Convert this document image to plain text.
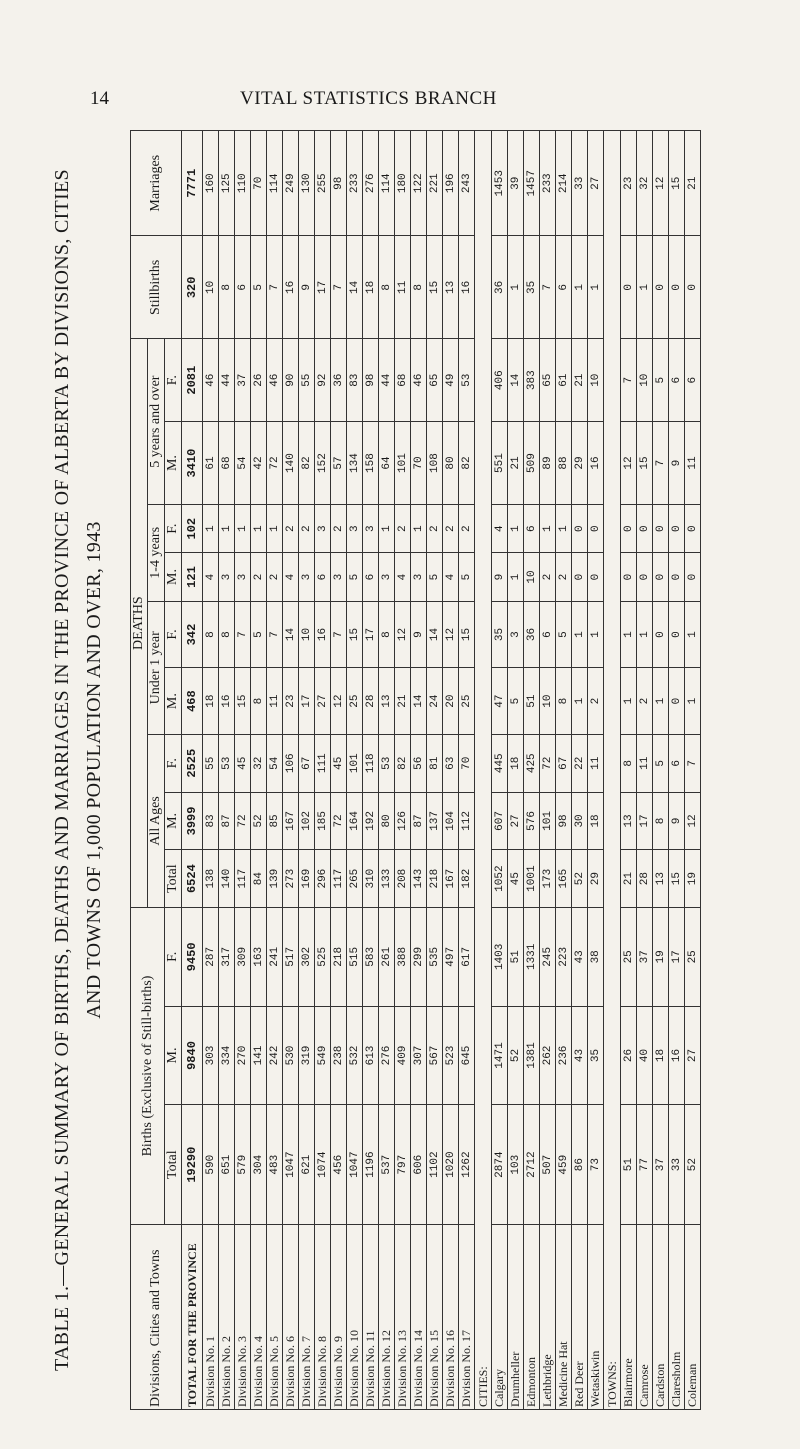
14	VITAL STATISTICS BRANCH
TABLE 1.—GENERAL SUMMARY OF BIRTHS, DEATHS AND MARRIAGES IN THE PROVINCE OF ALBERTA BY DIVISIONS, CITIES AND TOWNS OF 1,000 POPULATION AND OVER, 1943
Divisions, Cities and Towns	Births (Exclusive of Still-births)			DEATHS									Stillbirths	Marriages
				All Ages			Under 1 year		1-4 years		5 years and over			
	Total	M.	F.	Total	M.	F.	M.	F.	M.	F.	M.	F.		
TOTAL FOR THE PROVINCE	19290	9840	9450	6524	3999	2525	468	342	121	102	3410	2081	320	7771
Division No. 1	590	303	287	138	83	55	18	8	4	1	61	46	10	160
Division No. 2	651	334	317	140	87	53	16	8	3	1	68	44	8	125
Division No. 3	579	270	309	117	72	45	15	7	3	1	54	37	6	110
Division No. 4	304	141	163	84	52	32	8	5	2	1	42	26	5	70
Division No. 5	483	242	241	139	85	54	11	7	2	1	72	46	7	114
Division No. 6	1047	530	517	273	167	106	23	14	4	2	140	90	16	249
Division No. 7	621	319	302	169	102	67	17	10	3	2	82	55	9	130
Division No. 8	1074	549	525	296	185	111	27	16	6	3	152	92	17	255
Division No. 9	456	238	218	117	72	45	12	7	3	2	57	36	7	98
Division No. 10	1047	532	515	265	164	101	25	15	5	3	134	83	14	233
Division No. 11	1196	613	583	310	192	118	28	17	6	3	158	98	18	276
Division No. 12	537	276	261	133	80	53	13	8	3	1	64	44	8	114
Division No. 13	797	409	388	208	126	82	21	12	4	2	101	68	11	180
Division No. 14	606	307	299	143	87	56	14	9	3	1	70	46	8	122
Division No. 15	1102	567	535	218	137	81	24	14	5	2	108	65	15	221
Division No. 16	1020	523	497	167	104	63	20	12	4	2	80	49	13	196
Division No. 17	1262	645	617	182	112	70	25	15	5	2	82	53	16	243
CITIES:														
Calgary	2874	1471	1403	1052	607	445	47	35	9	4	551	406	36	1453
Drumheller	103	52	51	45	27	18	5	3	1	1	21	14	1	39
Edmonton	2712	1381	1331	1001	576	425	51	36	10	6	509	383	35	1457
Lethbridge	507	262	245	173	101	72	10	6	2	1	89	65	7	233
Medicine Hat	459	236	223	165	98	67	8	5	2	1	88	61	6	214
Red Deer	86	43	43	52	30	22	1	1	0	0	29	21	1	33
Wetaskiwin	73	35	38	29	18	11	2	1	0	0	16	10	1	27
TOWNS:														
Blairmore	51	26	25	21	13	8	1	1	0	0	12	7	0	23
Camrose	77	40	37	28	17	11	2	1	0	0	15	10	1	32
Cardston	37	18	19	13	8	5	1	0	0	0	7	5	0	12
Claresholm	33	16	17	15	9	6	0	0	0	0	9	6	0	15
Coleman	52	27	25	19	12	7	1	1	0	0	11	6	0	21
